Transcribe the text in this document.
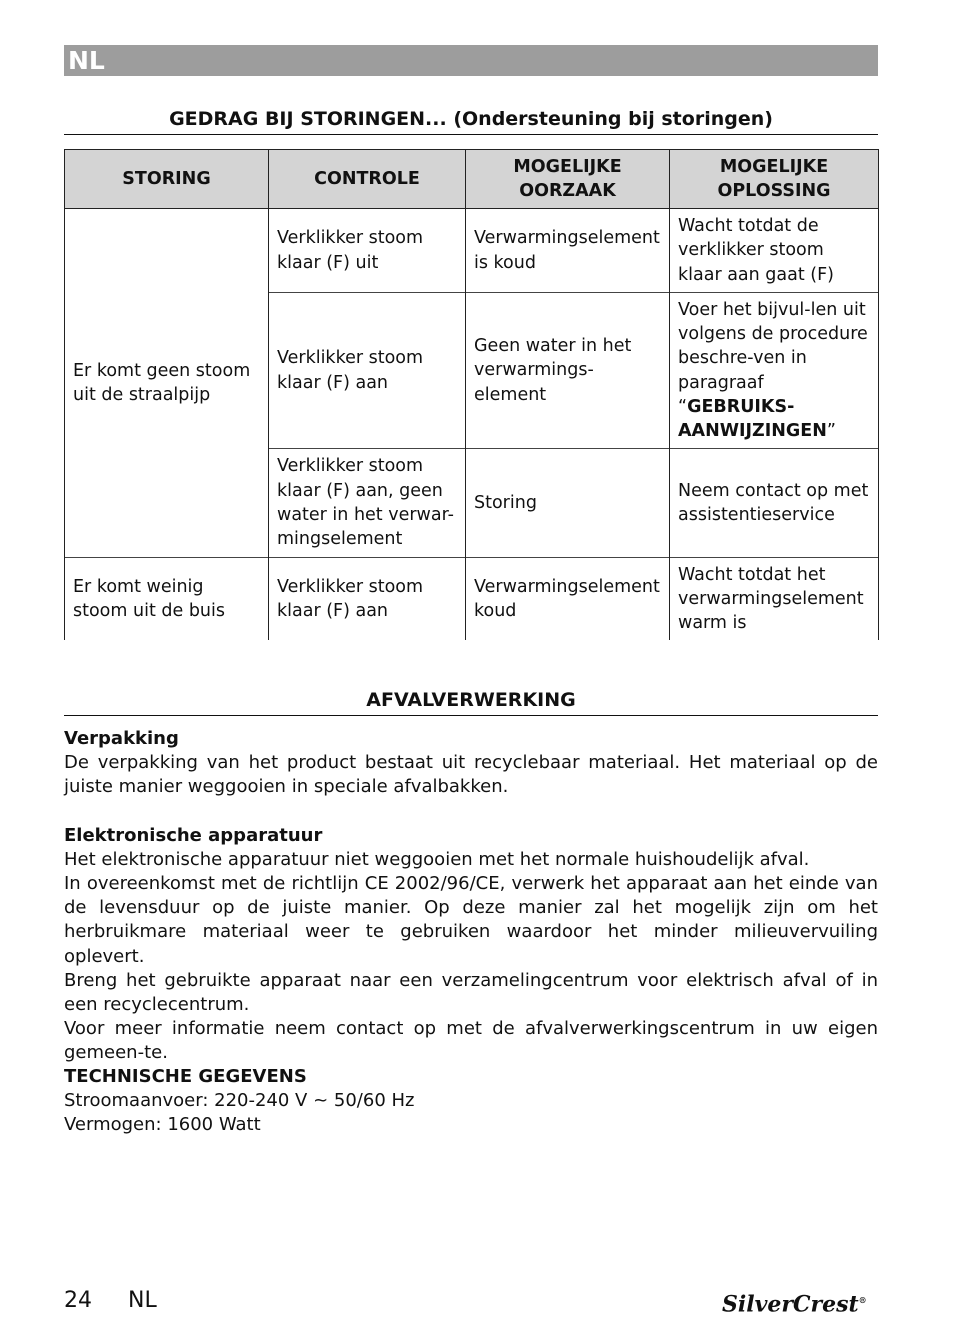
NL
GEDRAG BIJ STORINGEN... (Ondersteuning bij storingen)
STORING	CONTROLE	MOGELIJKE OORZAAK	MOGELIJKE OPLOSSING
Er komt geen stoom uit de straalpijp	Verklikker stoom klaar (F) uit	Verwarmingselement is koud	Wacht totdat de verklikker stoom klaar aan gaat (F)
	Verklikker stoom klaar (F) aan	Geen water in het verwarmings-element	Voer het bijvul-len uit volgens de procedure beschre-ven in paragraaf “GEBRUIKS-AANWIJZINGEN”
	Verklikker stoom klaar (F) aan, geen water in het verwar-mingselement	Storing	Neem contact op met assistentieservice
Er komt weinig stoom uit de buis	Verklikker stoom klaar (F) aan	Verwarmingselement koud	Wacht totdat het verwarmingselement warm is
AFVALVERWERKING
Verpakking
De verpakking van het product bestaat uit recyclebaar materiaal. Het materiaal op de juiste manier weggooien in speciale afvalbakken.
Elektronische apparatuur
Het elektronische apparatuur niet weggooien met het normale huishoudelijk afval.
In overeenkomst met de richtlijn CE 2002/96/CE, verwerk het apparaat aan het einde van de levensduur op de juiste manier. Op deze manier zal het mogelijk zijn om het herbruikmare materiaal weer te gebruiken waardoor het minder milieuvervuiling oplevert.
Breng het gebruikte apparaat naar een verzamelingcentrum voor elektrisch afval of in een recyclecentrum.
Voor meer informatie neem contact op met de afvalverwerkingscentrum in uw eigen gemeen-te.
TECHNISCHE GEGEVENS
Stroomaanvoer: 220-240 V ~ 50/60 Hz
Vermogen: 1600 Watt
24 NL	SilverCrest®
